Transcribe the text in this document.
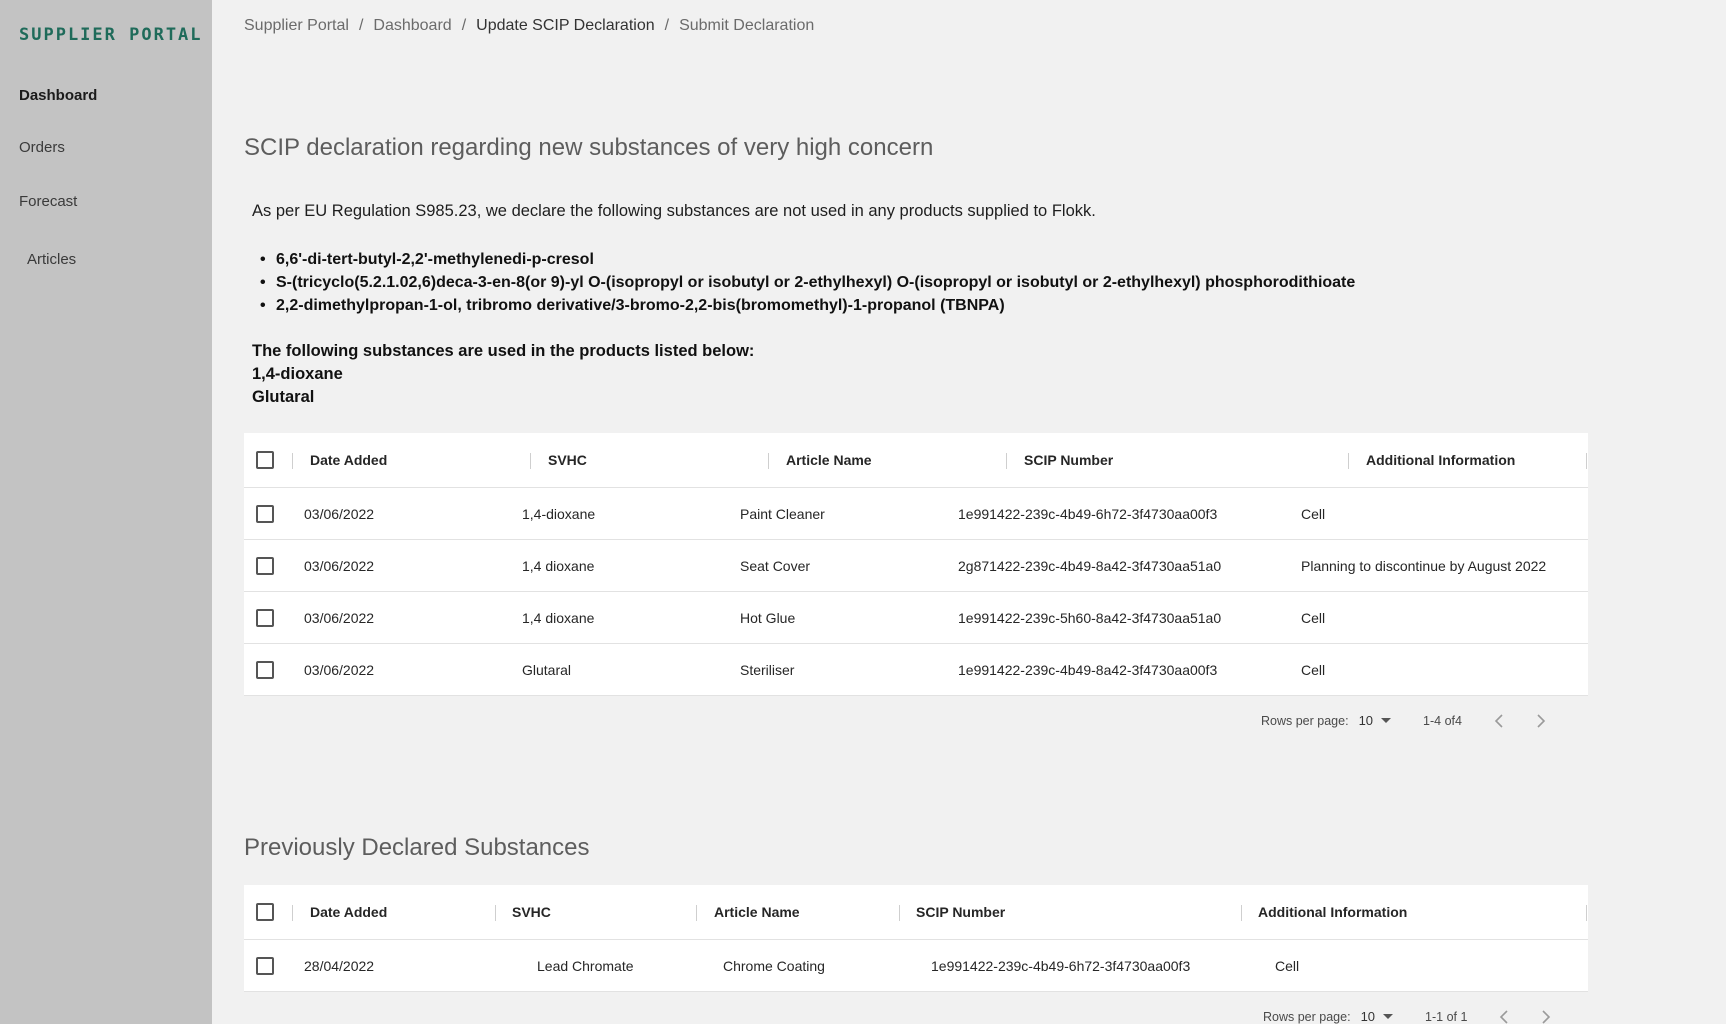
SUPPLIER PORTAL
Dashboard
Orders
Forecast
Articles
Supplier Portal / Dashboard / Update SCIP Declaration / Submit Declaration
SCIP declaration regarding new substances of very high concern
As per EU Regulation S985.23, we declare the following substances are not used in any products supplied to Flokk.
• 6,6'-di-tert-butyl-2,2'-methylenedi-p-cresol
• S-(tricyclo(5.2.1.02,6)deca-3-en-8(or 9)-yl O-(isopropyl or isobutyl or 2-ethylhexyl) O-(isopropyl or isobutyl or 2-ethylhexyl) phosphorodithioate
• 2,2-dimethylpropan-1-ol, tribromo derivative/3-bromo-2,2-bis(bromomethyl)-1-propanol (TBNPA)
The following substances are used in the products listed below:
1,4-dioxane
Glutaral
Date Added	SVHC	Article Name	SCIP Number	Additional Information
03/06/2022	1,4-dioxane	Paint Cleaner	1e991422-239c-4b49-6h72-3f4730aa00f3	Cell
03/06/2022	1,4 dioxane	Seat Cover	2g871422-239c-4b49-8a42-3f4730aa51a0	Planning to discontinue by August 2022
03/06/2022	1,4 dioxane	Hot Glue	1e991422-239c-5h60-8a42-3f4730aa51a0	Cell
03/06/2022	Glutaral	Steriliser	1e991422-239c-4b49-8a42-3f4730aa00f3	Cell
Rows per page: 10	1-4 of4
Previously Declared Substances
Date Added	SVHC	Article Name	SCIP Number	Additional Information
28/04/2022	Lead Chromate	Chrome Coating	1e991422-239c-4b49-6h72-3f4730aa00f3	Cell
Rows per page: 10	1-1 of 1
